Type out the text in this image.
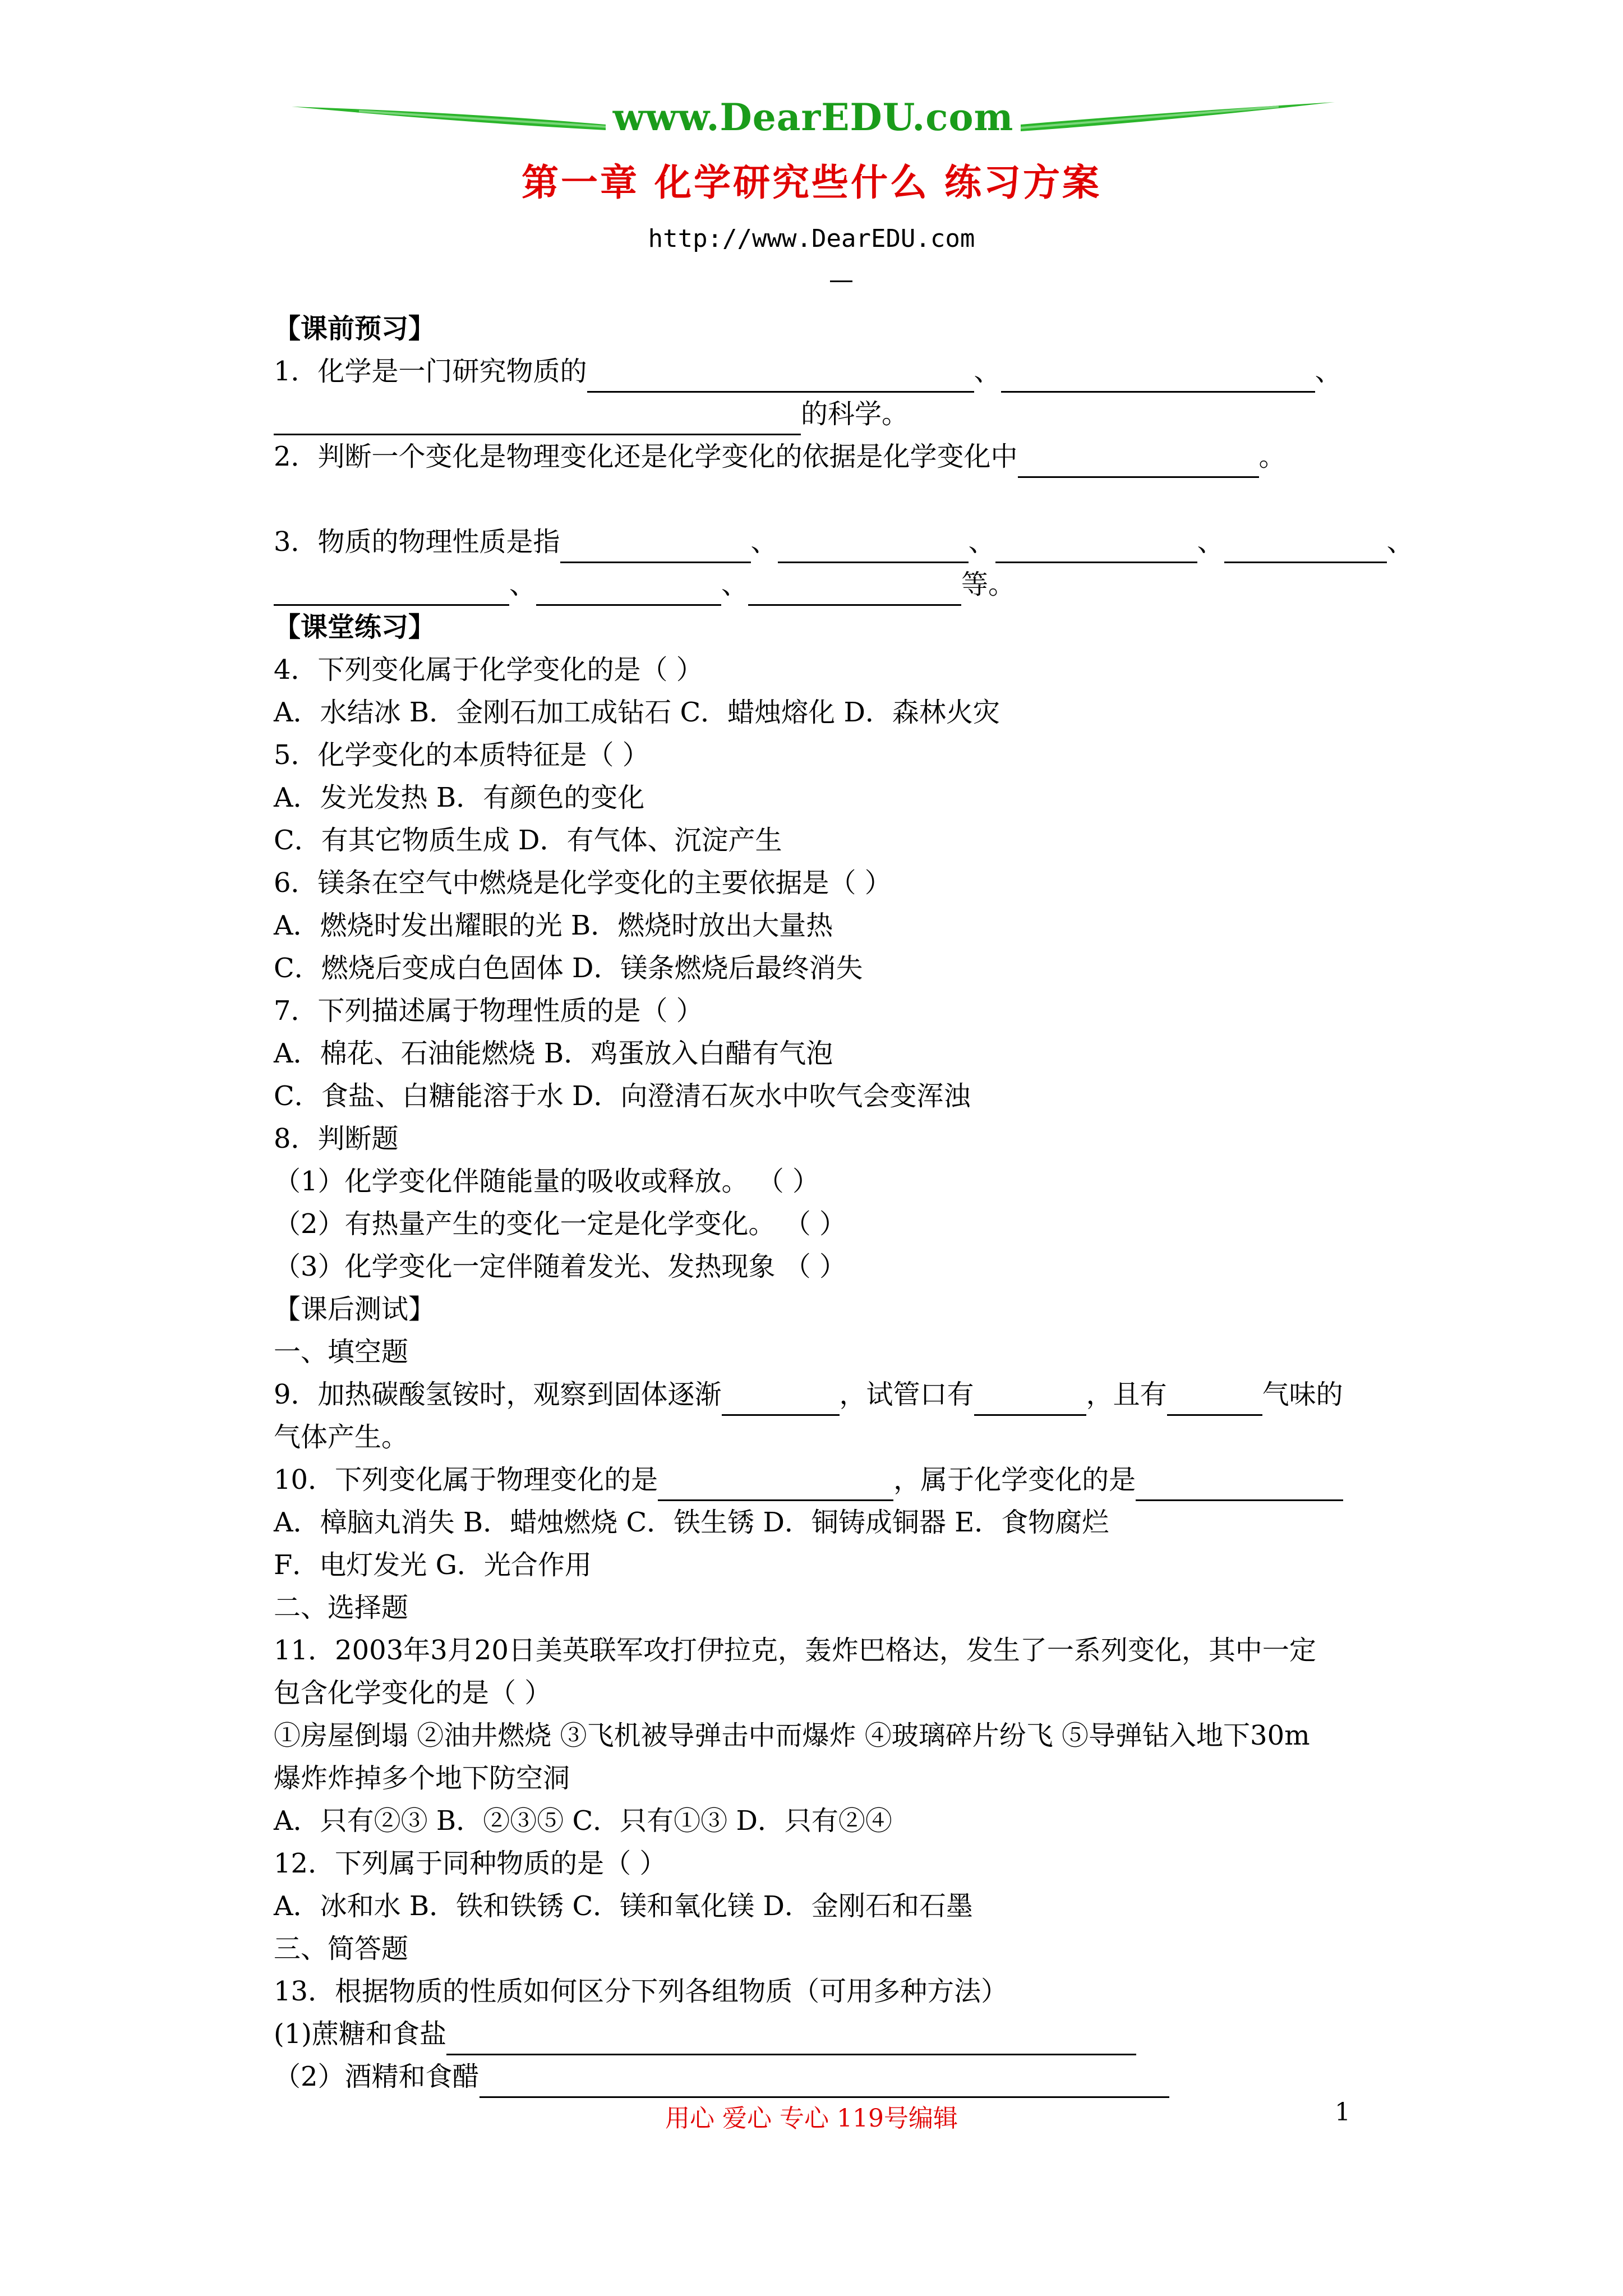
www.DearEDU.com
第一章 化学研究些什么 练习方案
http://www.DearEDU.com
【课前预习】
1．化学是一门研究物质的	、	、
的科学。
2．判断一个变化是物理变化还是化学变化的依据是化学变化中	。
3．物质的物理性质是指	、	、	、	、
、	、	等。
【课堂练习】
4．下列变化属于化学变化的是（ ）
A．水结冰 B．金刚石加工成钻石 C．蜡烛熔化 D．森林火灾
5．化学变化的本质特征是（ ）
A．发光发热 B．有颜色的变化
C．有其它物质生成 D．有气体、沉淀产生
6．镁条在空气中燃烧是化学变化的主要依据是（ ）
A．燃烧时发出耀眼的光 B．燃烧时放出大量热
C．燃烧后变成白色固体 D．镁条燃烧后最终消失
7．下列描述属于物理性质的是（ ）
A．棉花、石油能燃烧 B．鸡蛋放入白醋有气泡
C．食盐、白糖能溶于水 D．向澄清石灰水中吹气会变浑浊
8．判断题
（1）化学变化伴随能量的吸收或释放。 （ ）
（2）有热量产生的变化一定是化学变化。 （ ）
（3）化学变化一定伴随着发光、发热现象 （ ）
【课后测试】
一、填空题
9．加热碳酸氢铵时，观察到固体逐渐	，试管口有	，且有	气味的
气体产生。
10．下列变化属于物理变化的是	，属于化学变化的是
A．樟脑丸消失 B．蜡烛燃烧 C．铁生锈 D．铜铸成铜器 E．食物腐烂
F．电灯发光 G．光合作用
二、选择题
11．2003年3月20日美英联军攻打伊拉克，轰炸巴格达，发生了一系列变化，其中一定
包含化学变化的是（ ）
①房屋倒塌 ②油井燃烧 ③飞机被导弹击中而爆炸 ④玻璃碎片纷飞 ⑤导弹钻入地下30m
爆炸炸掉多个地下防空洞
A．只有②③ B．②③⑤ C．只有①③ D．只有②④
12．下列属于同种物质的是（ ）
A．冰和水 B．铁和铁锈 C．镁和氧化镁 D．金刚石和石墨
三、简答题
13．根据物质的性质如何区分下列各组物质（可用多种方法）
(1)蔗糖和食盐
（2）酒精和食醋
用心 爱心 专心 119号编辑	1
